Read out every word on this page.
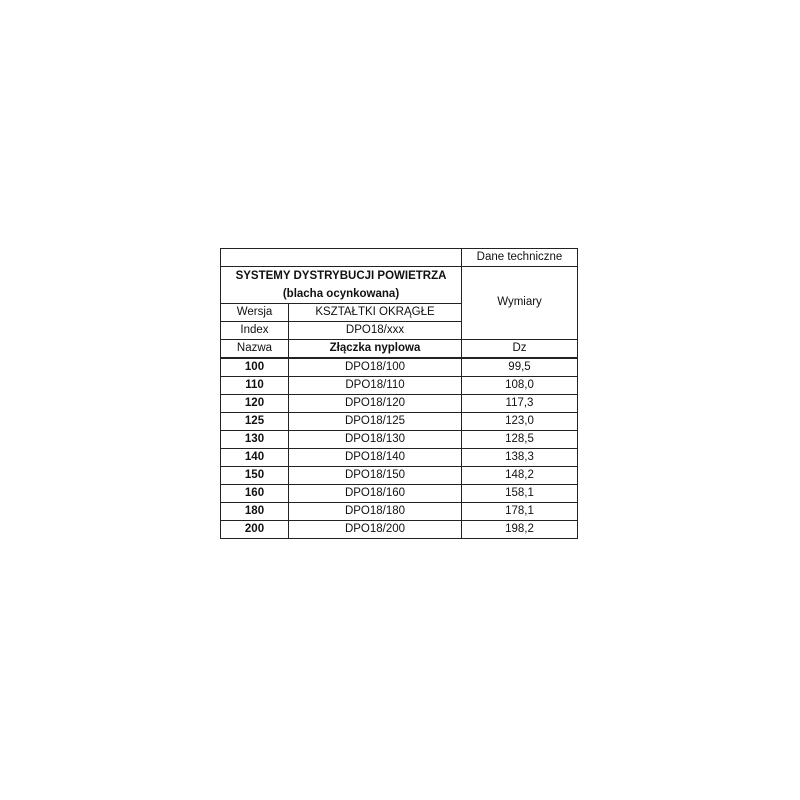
		Dane techniczne
SYSTEMY DYSTRYBUCJI POWIETRZA
(blacha ocynkowana)		Wymiary
Wersja	KSZTAŁTKI OKRĄGŁE	
Index	DPO18/xxx	
Nazwa	Złączka nyplowa	Dz
100	DPO18/100	99,5
110	DPO18/110	108,0
120	DPO18/120	117,3
125	DPO18/125	123,0
130	DPO18/130	128,5
140	DPO18/140	138,3
150	DPO18/150	148,2
160	DPO18/160	158,1
180	DPO18/180	178,1
200	DPO18/200	198,2
